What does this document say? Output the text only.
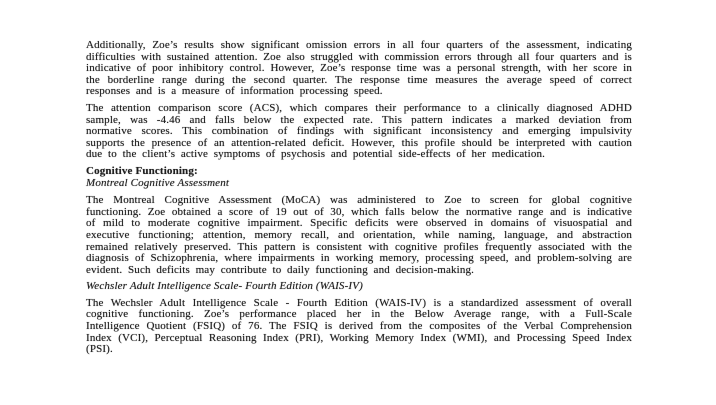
Additionally, Zoe’s results show significant omission errors in all four quarters of the assessment, indicating difficulties with sustained attention. Zoe also struggled with commission errors through all four quarters and is indicative of poor inhibitory control. However, Zoe’s response time was a personal strength, with her score in the borderline range during the second quarter. The response time measures the average speed of correct responses and is a measure of information processing speed.

The attention comparison score (ACS), which compares their performance to a clinically diagnosed ADHD sample, was -4.46 and falls below the expected rate. This pattern indicates a marked deviation from normative scores. This combination of findings with significant inconsistency and emerging impulsivity supports the presence of an attention-related deficit. However, this profile should be interpreted with caution due to the client’s active symptoms of psychosis and potential side-effects of her medication.

Cognitive Functioning:

Montreal Cognitive Assessment

The Montreal Cognitive Assessment (MoCA) was administered to Zoe to screen for global cognitive functioning. Zoe obtained a score of 19 out of 30, which falls below the normative range and is indicative of mild to moderate cognitive impairment. Specific deficits were observed in domains of visuospatial and executive functioning; attention, memory recall, and orientation, while naming, language, and abstraction remained relatively preserved. This pattern is consistent with cognitive profiles frequently associated with the diagnosis of Schizophrenia, where impairments in working memory, processing speed, and problem-solving are evident. Such deficits may contribute to daily functioning and decision-making.

Wechsler Adult Intelligence Scale- Fourth Edition (WAIS-IV)

The Wechsler Adult Intelligence Scale - Fourth Edition (WAIS-IV) is a standardized assessment of overall cognitive functioning. Zoe’s performance placed her in the Below Average range, with a Full-Scale Intelligence Quotient (FSIQ) of 76. The FSIQ is derived from the composites of the Verbal Comprehension Index (VCI), Perceptual Reasoning Index (PRI), Working Memory Index (WMI), and Processing Speed Index (PSI).
